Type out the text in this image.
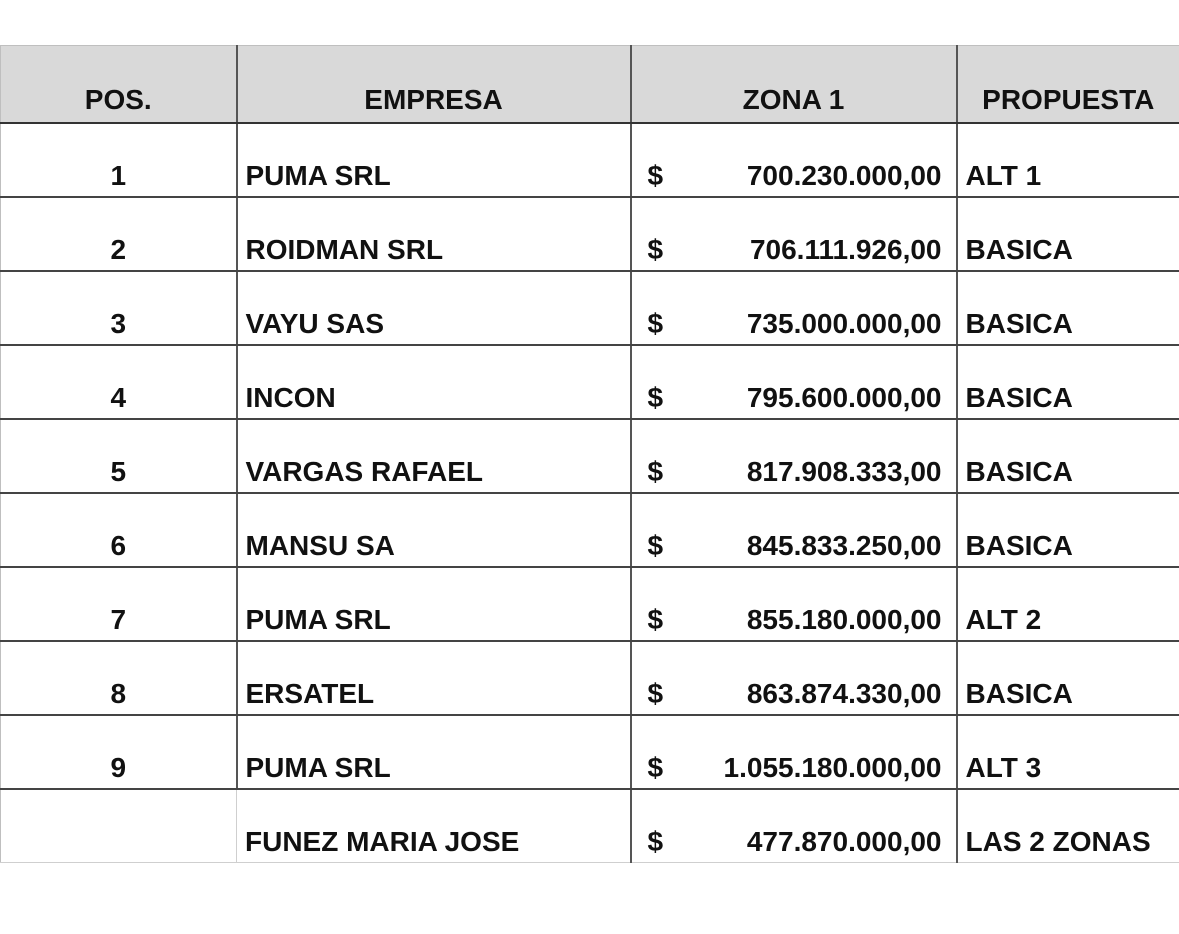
POS.	EMPRESA	ZONA 1	PROPUESTA
1	PUMA SRL	$ 700.230.000,00	ALT 1
2	ROIDMAN SRL	$ 706.111.926,00	BASICA
3	VAYU SAS	$ 735.000.000,00	BASICA
4	INCON	$ 795.600.000,00	BASICA
5	VARGAS RAFAEL	$ 817.908.333,00	BASICA
6	MANSU SA	$ 845.833.250,00	BASICA
7	PUMA SRL	$ 855.180.000,00	ALT 2
8	ERSATEL	$ 863.874.330,00	BASICA
9	PUMA SRL	$ 1.055.180.000,00	ALT 3
	FUNEZ MARIA JOSE	$ 477.870.000,00	LAS 2 ZONAS
